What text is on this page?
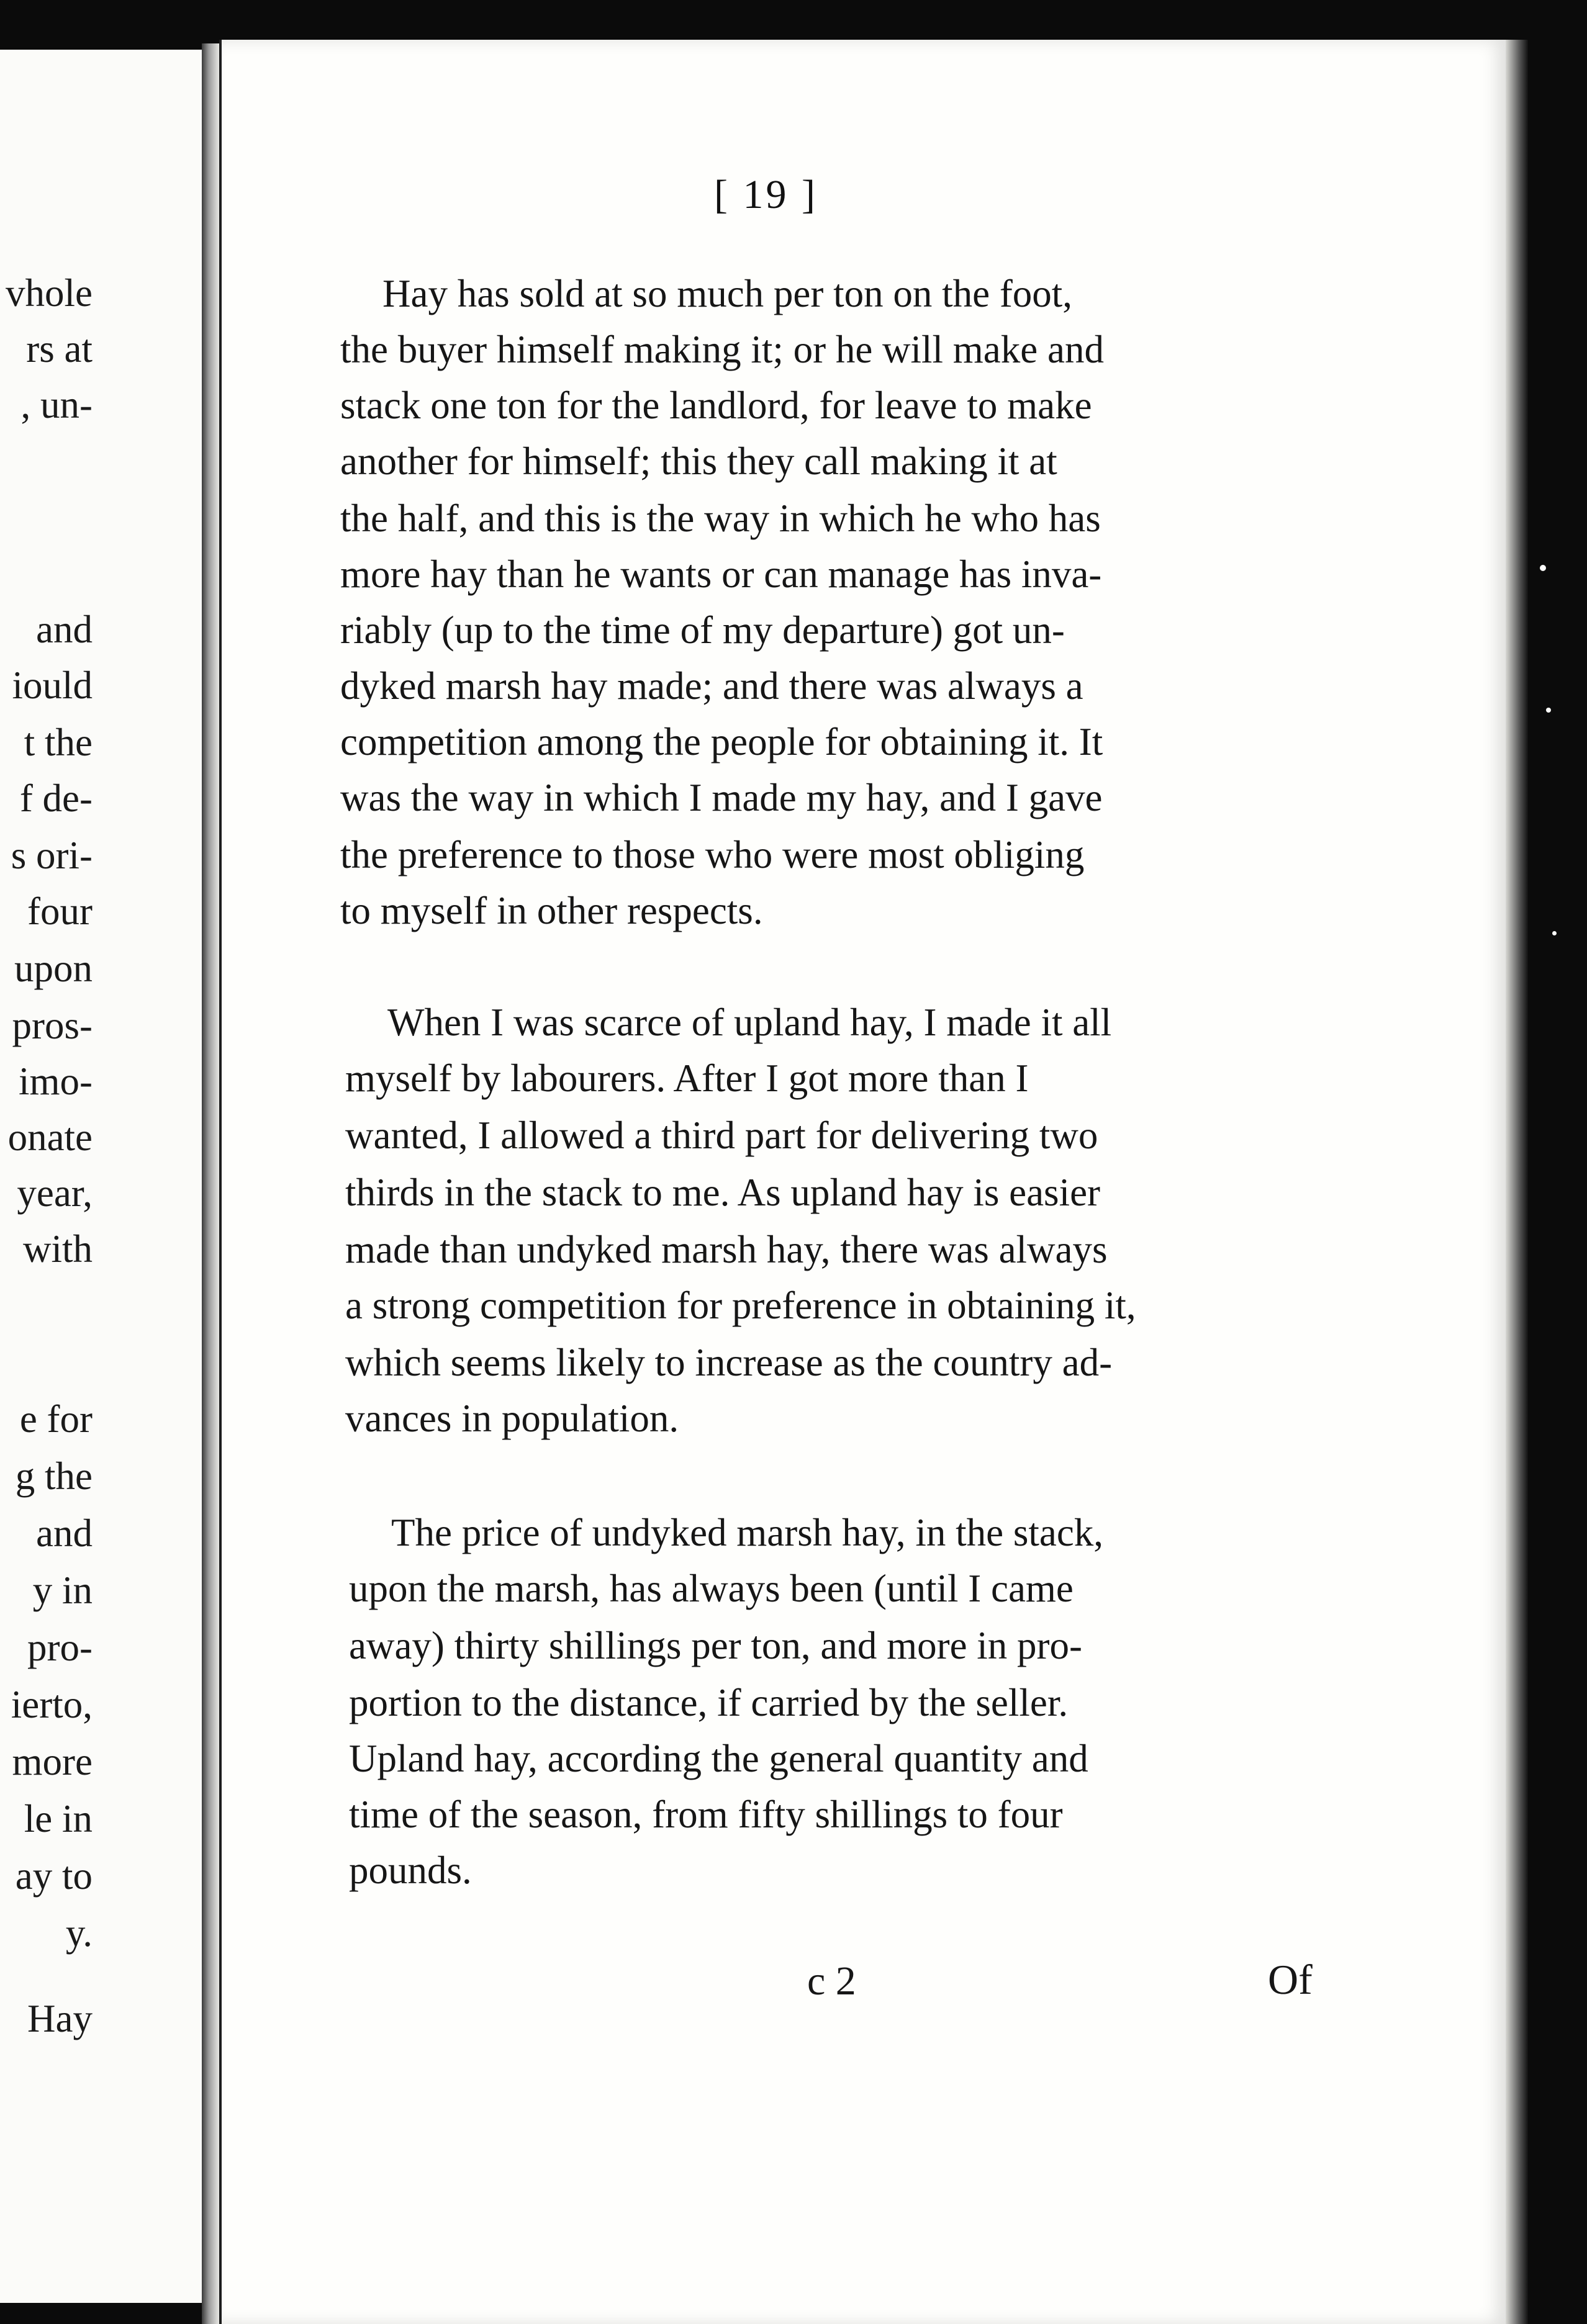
vhole
rs at
, un-
and
iould
t the
f de-
s ori-
four
upon
pros-
imo-
onate
year,
with
e for
g the
and
y in
pro-
ierto,
more
le in
ay to
y.
Hay
[ 19 ]
Hay has sold at so much per ton on the foot,
the buyer himself making it; or he will make and
stack one ton for the landlord, for leave to make
another for himself; this they call making it at
the half, and this is the way in which he who has
more hay than he wants or can manage has inva-
riably (up to the time of my departure) got un-
dyked marsh hay made; and there was always a
competition among the people for obtaining it. It
was the way in which I made my hay, and I gave
the preference to those who were most obliging
to myself in other respects.
When I was scarce of upland hay, I made it all
myself by labourers. After I got more than I
wanted, I allowed a third part for delivering two
thirds in the stack to me. As upland hay is easier
made than undyked marsh hay, there was always
a strong competition for preference in obtaining it,
which seems likely to increase as the country ad-
vances in population.
The price of undyked marsh hay, in the stack,
upon the marsh, has always been (until I came
away) thirty shillings per ton, and more in pro-
portion to the distance, if carried by the seller.
Upland hay, according the general quantity and
time of the season, from fifty shillings to four
pounds.
c 2	Of
